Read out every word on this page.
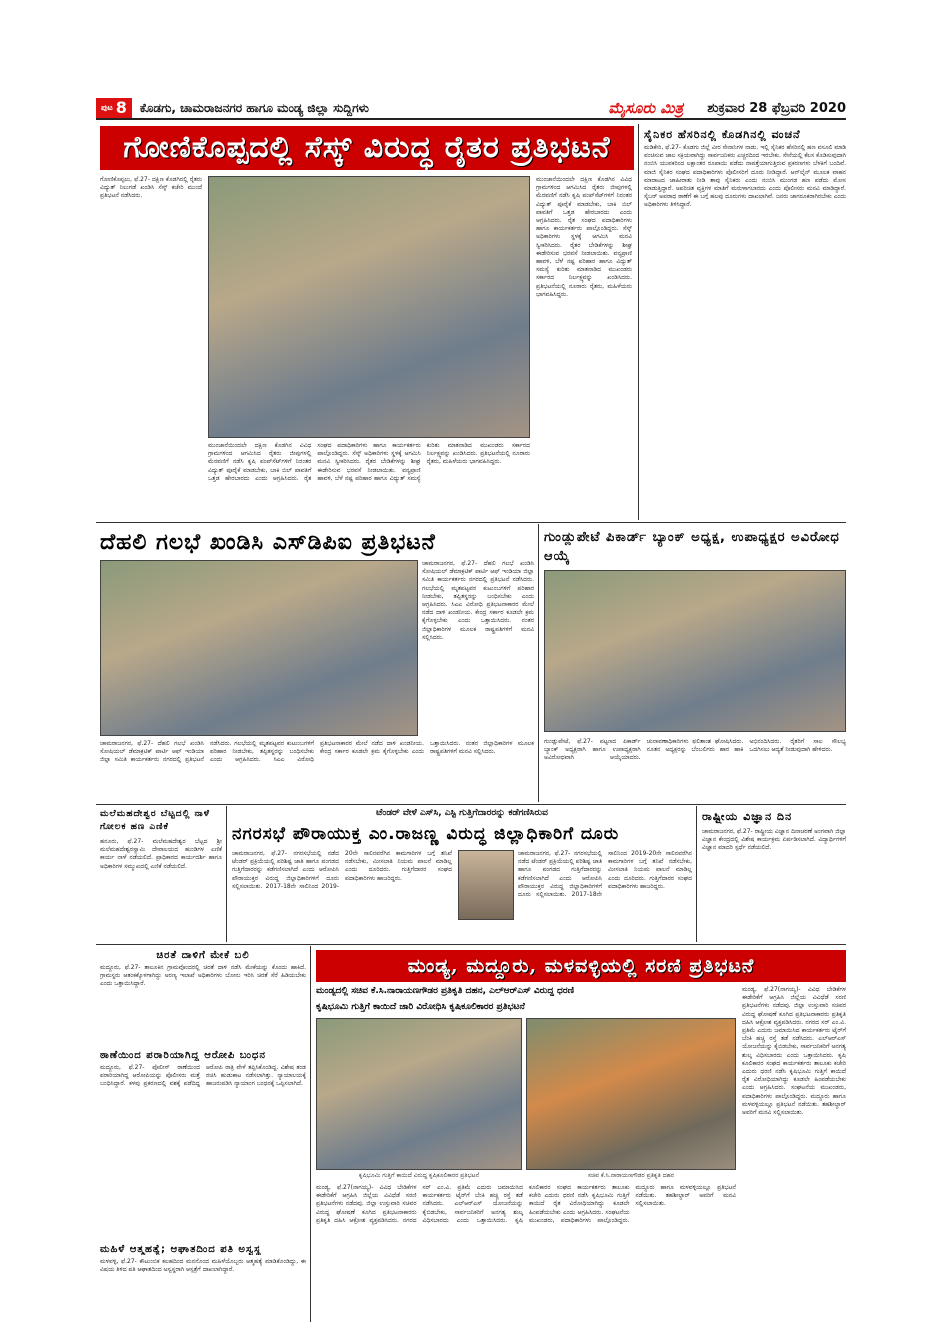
ಪುಟ 8 ಕೊಡಗು, ಚಾಮರಾಜನಗರ ಹಾಗೂ ಮಂಡ್ಯ ಜಿಲ್ಲಾ ಸುದ್ದಿಗಳು	ಮೈಸೂರು ಮಿತ್ರ ಶುಕ್ರವಾರ 28 ಫೆಬ್ರವರಿ 2020
ಗೋಣಿಕೊಪ್ಪದಲ್ಲಿ ಸೆಸ್ಕ್ ವಿರುದ್ಧ ರೈತರ ಪ್ರತಿಭಟನೆ
ಗೋಣಿಕೊಪ್ಪಲು, ಫೆ.27- ದಕ್ಷಿಣ ಕೊಡಗಿನಲ್ಲಿ ರೈತರು ವಿದ್ಯುತ್ ನಿಲುಗಡೆ ಖಂಡಿಸಿ ಸೆಸ್ಕ್ ಕಚೇರಿ ಮುಂದೆ ಪ್ರತಿಭಟನೆ ನಡೆಸಿದರು.
ಮುಂಜಾನೆಯಿಂದಲೇ ದಕ್ಷಿಣ ಕೊಡಗಿನ ವಿವಿಧ ಗ್ರಾಮಗಳಿಂದ ಆಗಮಿಸಿದ ರೈತರು ಜೀಪುಗಳಲ್ಲಿ ಮೆರವಣಿಗೆ ನಡೆಸಿ ಕೃಷಿ ಪಂಪ್‌ಸೆಟ್‌ಗಳಿಗೆ ನಿರಂತರ ವಿದ್ಯುತ್ ಪೂರೈಕೆ ಮಾಡಬೇಕು, ಬಾಕಿ ಬಿಲ್ ಪಾವತಿಗೆ ಒತ್ತಡ ಹೇರಬಾರದು ಎಂದು ಆಗ್ರಹಿಸಿದರು. ರೈತ ಸಂಘದ ಪದಾಧಿಕಾರಿಗಳು ಹಾಗೂ ಕಾರ್ಯಕರ್ತರು ಪಾಲ್ಗೊಂಡಿದ್ದರು. ಸೆಸ್ಕ್ ಅಧಿಕಾರಿಗಳು ಸ್ಥಳಕ್ಕೆ ಆಗಮಿಸಿ ಮನವಿ ಸ್ವೀಕರಿಸಿದರು. ರೈತರ ಬೇಡಿಕೆಗಳನ್ನು ಶೀಘ್ರ ಈಡೇರಿಸುವ ಭರವಸೆ ನೀಡಲಾಯಿತು. ವನ್ಯಪ್ರಾಣಿ ಹಾವಳಿ, ಬೆಳೆ ನಷ್ಟ ಪರಿಹಾರ ಹಾಗೂ ವಿದ್ಯುತ್ ಸಮಸ್ಯೆ ಕುರಿತು ಮಾತನಾಡಿದ ಮುಖಂಡರು ಸರ್ಕಾರದ ನಿರ್ಲಕ್ಷ್ಯವನ್ನು ಖಂಡಿಸಿದರು. ಪ್ರತಿಭಟನೆಯಲ್ಲಿ ನೂರಾರು ರೈತರು, ಮಹಿಳೆಯರು ಭಾಗವಹಿಸಿದ್ದರು.
ಮುಂಜಾನೆಯಿಂದಲೇ ದಕ್ಷಿಣ ಕೊಡಗಿನ ವಿವಿಧ ಗ್ರಾಮಗಳಿಂದ ಆಗಮಿಸಿದ ರೈತರು ಜೀಪುಗಳಲ್ಲಿ ಮೆರವಣಿಗೆ ನಡೆಸಿ ಕೃಷಿ ಪಂಪ್‌ಸೆಟ್‌ಗಳಿಗೆ ನಿರಂತರ ವಿದ್ಯುತ್ ಪೂರೈಕೆ ಮಾಡಬೇಕು, ಬಾಕಿ ಬಿಲ್ ಪಾವತಿಗೆ ಒತ್ತಡ ಹೇರಬಾರದು ಎಂದು ಆಗ್ರಹಿಸಿದರು. ರೈತ ಸಂಘದ ಪದಾಧಿಕಾರಿಗಳು ಹಾಗೂ ಕಾರ್ಯಕರ್ತರು ಪಾಲ್ಗೊಂಡಿದ್ದರು. ಸೆಸ್ಕ್ ಅಧಿಕಾರಿಗಳು ಸ್ಥಳಕ್ಕೆ ಆಗಮಿಸಿ ಮನವಿ ಸ್ವೀಕರಿಸಿದರು. ರೈತರ ಬೇಡಿಕೆಗಳನ್ನು ಶೀಘ್ರ ಈಡೇರಿಸುವ ಭರವಸೆ ನೀಡಲಾಯಿತು. ವನ್ಯಪ್ರಾಣಿ ಹಾವಳಿ, ಬೆಳೆ ನಷ್ಟ ಪರಿಹಾರ ಹಾಗೂ ವಿದ್ಯುತ್ ಸಮಸ್ಯೆ ಕುರಿತು ಮಾತನಾಡಿದ ಮುಖಂಡರು ಸರ್ಕಾರದ ನಿರ್ಲಕ್ಷ್ಯವನ್ನು ಖಂಡಿಸಿದರು. ಪ್ರತಿಭಟನೆಯಲ್ಲಿ ನೂರಾರು ರೈತರು, ಮಹಿಳೆಯರು ಭಾಗವಹಿಸಿದ್ದರು.
ಸೈನಿಕರ ಹೆಸರಿನಲ್ಲಿ ಕೊಡಗಿನಲ್ಲಿ ವಂಚನೆ
ಮಡಿಕೇರಿ, ಫೆ.27- ಕೊಡಗು ಜಿಲ್ಲೆ ವೀರ ಸೇನಾನಿಗಳ ನಾಡು. ಇಲ್ಲಿ ಸೈನಿಕರ ಹೆಸರಿನಲ್ಲಿ ಹಣ ವಸೂಲಿ ಮಾಡಿ ವಂಚಿಸುವ ಜಾಲ ಸಕ್ರಿಯವಾಗಿದ್ದು ಸಾರ್ವಜನಿಕರು ಎಚ್ಚರದಿಂದ ಇರಬೇಕು. ಸೇನೆಯಲ್ಲಿ ಕೆಲಸ ಕೊಡಿಸುವುದಾಗಿ ನಂಬಿಸಿ ಯುವಕರಿಂದ ಲಕ್ಷಾಂತರ ರೂಪಾಯಿ ಪಡೆದು ನಾಪತ್ತೆಯಾಗುತ್ತಿರುವ ಪ್ರಕರಣಗಳು ಬೆಳಕಿಗೆ ಬಂದಿವೆ. ಮಾಜಿ ಸೈನಿಕರ ಸಂಘದ ಪದಾಧಿಕಾರಿಗಳು ಪೊಲೀಸರಿಗೆ ದೂರು ನೀಡಿದ್ದಾರೆ. ಆನ್‌ಲೈನ್ ಮೂಲಕ ವಾಹನ ಮಾರಾಟದ ಜಾಹೀರಾತು ನೀಡಿ ತಾವು ಸೈನಿಕರು ಎಂದು ನಂಬಿಸಿ ಮುಂಗಡ ಹಣ ಪಡೆದು ಮೋಸ ಮಾಡುತ್ತಿದ್ದಾರೆ. ಅಪರಿಚಿತ ವ್ಯಕ್ತಿಗಳ ಮಾತಿಗೆ ಮರುಳಾಗಬಾರದು ಎಂದು ಪೊಲೀಸರು ಮನವಿ ಮಾಡಿದ್ದಾರೆ. ಸೈಬರ್ ಅಪರಾಧ ಠಾಣೆಗೆ ಈ ಬಗ್ಗೆ ಹಲವು ದೂರುಗಳು ದಾಖಲಾಗಿವೆ. ಜನರು ಜಾಗರೂಕರಾಗಿರಬೇಕು ಎಂದು ಅಧಿಕಾರಿಗಳು ತಿಳಿಸಿದ್ದಾರೆ.
ದೆಹಲಿ ಗಲಭೆ ಖಂಡಿಸಿ ಎಸ್‌ಡಿಪಿಐ ಪ್ರತಿಭಟನೆ
ಚಾಮರಾಜನಗರ, ಫೆ.27- ದೆಹಲಿ ಗಲಭೆ ಖಂಡಿಸಿ ಸೋಷಿಯಲ್ ಡೆಮಾಕ್ರಟಿಕ್ ಪಾರ್ಟಿ ಆಫ್ ಇಂಡಿಯಾ ಜಿಲ್ಲಾ ಸಮಿತಿ ಕಾರ್ಯಕರ್ತರು ನಗರದಲ್ಲಿ ಪ್ರತಿಭಟನೆ ನಡೆಸಿದರು. ಗಲಭೆಯಲ್ಲಿ ಮೃತಪಟ್ಟವರ ಕುಟುಂಬಗಳಿಗೆ ಪರಿಹಾರ ನೀಡಬೇಕು, ತಪ್ಪಿತಸ್ಥರನ್ನು ಬಂಧಿಸಬೇಕು ಎಂದು ಆಗ್ರಹಿಸಿದರು. ಸಿಎಎ ವಿರೋಧಿ ಪ್ರತಿಭಟನಾಕಾರರ ಮೇಲೆ ನಡೆದ ದಾಳಿ ಖಂಡನೀಯ. ಕೇಂದ್ರ ಸರ್ಕಾರ ಕೂಡಲೇ ಕ್ರಮ ಕೈಗೊಳ್ಳಬೇಕು ಎಂದು ಒತ್ತಾಯಿಸಿದರು. ನಂತರ ಜಿಲ್ಲಾಧಿಕಾರಿಗಳ ಮೂಲಕ ರಾಷ್ಟ್ರಪತಿಗಳಿಗೆ ಮನವಿ ಸಲ್ಲಿಸಿದರು.
ಚಾಮರಾಜನಗರ, ಫೆ.27- ದೆಹಲಿ ಗಲಭೆ ಖಂಡಿಸಿ ಸೋಷಿಯಲ್ ಡೆಮಾಕ್ರಟಿಕ್ ಪಾರ್ಟಿ ಆಫ್ ಇಂಡಿಯಾ ಜಿಲ್ಲಾ ಸಮಿತಿ ಕಾರ್ಯಕರ್ತರು ನಗರದಲ್ಲಿ ಪ್ರತಿಭಟನೆ ನಡೆಸಿದರು. ಗಲಭೆಯಲ್ಲಿ ಮೃತಪಟ್ಟವರ ಕುಟುಂಬಗಳಿಗೆ ಪರಿಹಾರ ನೀಡಬೇಕು, ತಪ್ಪಿತಸ್ಥರನ್ನು ಬಂಧಿಸಬೇಕು ಎಂದು ಆಗ್ರಹಿಸಿದರು. ಸಿಎಎ ವಿರೋಧಿ ಪ್ರತಿಭಟನಾಕಾರರ ಮೇಲೆ ನಡೆದ ದಾಳಿ ಖಂಡನೀಯ. ಕೇಂದ್ರ ಸರ್ಕಾರ ಕೂಡಲೇ ಕ್ರಮ ಕೈಗೊಳ್ಳಬೇಕು ಎಂದು ಒತ್ತಾಯಿಸಿದರು. ನಂತರ ಜಿಲ್ಲಾಧಿಕಾರಿಗಳ ಮೂಲಕ ರಾಷ್ಟ್ರಪತಿಗಳಿಗೆ ಮನವಿ ಸಲ್ಲಿಸಿದರು.
ಗುಂಡ್ಲುಪೇಟೆ ಪಿಕಾರ್ಡ್ ಬ್ಯಾಂಕ್ ಅಧ್ಯಕ್ಷ, ಉಪಾಧ್ಯಕ್ಷರ ಅವಿರೋಧ ಆಯ್ಕೆ
ಗುಂಡ್ಲುಪೇಟೆ, ಫೆ.27- ಪಟ್ಟಣದ ಪಿಕಾರ್ಡ್ ಬ್ಯಾಂಕ್ ಅಧ್ಯಕ್ಷರಾಗಿ ಹಾಗೂ ಉಪಾಧ್ಯಕ್ಷರಾಗಿ ಅವಿರೋಧವಾಗಿ ಆಯ್ಕೆಯಾದರು. ಚುನಾವಣಾಧಿಕಾರಿಗಳು ಫಲಿತಾಂಶ ಘೋಷಿಸಿದರು. ನೂತನ ಅಧ್ಯಕ್ಷರನ್ನು ಬೆಂಬಲಿಗರು ಹಾರ ಹಾಕಿ ಅಭಿನಂದಿಸಿದರು. ರೈತರಿಗೆ ಸಾಲ ಸೌಲಭ್ಯ ಒದಗಿಸಲು ಆದ್ಯತೆ ನೀಡುವುದಾಗಿ ಹೇಳಿದರು.
ಮಲೆಮಹದೇಶ್ವರ ಬೆಟ್ಟದಲ್ಲಿ ನಾಳೆ ಗೋಲಕ ಹಣ ಎಣಿಕೆ
ಹನೂರು, ಫೆ.27- ಮಲೆಮಹದೇಶ್ವರ ಬೆಟ್ಟದ ಶ್ರೀ ಮಲೆಮಹದೇಶ್ವರಸ್ವಾಮಿ ದೇವಾಲಯದ ಹುಂಡಿಗಳ ಎಣಿಕೆ ಕಾರ್ಯ ನಾಳೆ ನಡೆಯಲಿದೆ. ಪ್ರಾಧಿಕಾರದ ಕಾರ್ಯದರ್ಶಿ ಹಾಗೂ ಅಧಿಕಾರಿಗಳ ಸಮ್ಮುಖದಲ್ಲಿ ಎಣಿಕೆ ನಡೆಯಲಿದೆ.
ಟೆಂಡರ್ ವೇಳೆ ಎಸ್‌ಸಿ, ಎಸ್ಟಿ ಗುತ್ತಿಗೆದಾರರನ್ನು ಕಡೆಗಣಿಸಿರುವ
ನಗರಸಭೆ ಪೌರಾಯುಕ್ತ ಎಂ.ರಾಜಣ್ಣ ವಿರುದ್ಧ ಜಿಲ್ಲಾಧಿಕಾರಿಗೆ ದೂರು
ಚಾಮರಾಜನಗರ, ಫೆ.27- ನಗರಸಭೆಯಲ್ಲಿ ನಡೆದ ಟೆಂಡರ್ ಪ್ರಕ್ರಿಯೆಯಲ್ಲಿ ಪರಿಶಿಷ್ಟ ಜಾತಿ ಹಾಗೂ ಪಂಗಡದ ಗುತ್ತಿಗೆದಾರರನ್ನು ಕಡೆಗಣಿಸಲಾಗಿದೆ ಎಂದು ಆರೋಪಿಸಿ ಪೌರಾಯುಕ್ತರ ವಿರುದ್ಧ ಜಿಲ್ಲಾಧಿಕಾರಿಗಳಿಗೆ ದೂರು ಸಲ್ಲಿಸಲಾಯಿತು. 2017-18ನೇ ಸಾಲಿನಿಂದ 2019-20ನೇ ಸಾಲಿನವರೆಗಿನ ಕಾಮಗಾರಿಗಳ ಬಗ್ಗೆ ತನಿಖೆ ನಡೆಸಬೇಕು, ಮೀಸಲಾತಿ ನಿಯಮ ಪಾಲನೆ ಮಾಡಿಲ್ಲ ಎಂದು ದೂರಿದರು. ಗುತ್ತಿಗೆದಾರರ ಸಂಘದ ಪದಾಧಿಕಾರಿಗಳು ಹಾಜರಿದ್ದರು.
ಚಾಮರಾಜನಗರ, ಫೆ.27- ನಗರಸಭೆಯಲ್ಲಿ ನಡೆದ ಟೆಂಡರ್ ಪ್ರಕ್ರಿಯೆಯಲ್ಲಿ ಪರಿಶಿಷ್ಟ ಜಾತಿ ಹಾಗೂ ಪಂಗಡದ ಗುತ್ತಿಗೆದಾರರನ್ನು ಕಡೆಗಣಿಸಲಾಗಿದೆ ಎಂದು ಆರೋಪಿಸಿ ಪೌರಾಯುಕ್ತರ ವಿರುದ್ಧ ಜಿಲ್ಲಾಧಿಕಾರಿಗಳಿಗೆ ದೂರು ಸಲ್ಲಿಸಲಾಯಿತು. 2017-18ನೇ ಸಾಲಿನಿಂದ 2019-20ನೇ ಸಾಲಿನವರೆಗಿನ ಕಾಮಗಾರಿಗಳ ಬಗ್ಗೆ ತನಿಖೆ ನಡೆಸಬೇಕು, ಮೀಸಲಾತಿ ನಿಯಮ ಪಾಲನೆ ಮಾಡಿಲ್ಲ ಎಂದು ದೂರಿದರು. ಗುತ್ತಿಗೆದಾರರ ಸಂಘದ ಪದಾಧಿಕಾರಿಗಳು ಹಾಜರಿದ್ದರು.
ರಾಷ್ಟ್ರೀಯ ವಿಜ್ಞಾನ ದಿನ
ಚಾಮರಾಜನಗರ, ಫೆ.27- ರಾಷ್ಟ್ರೀಯ ವಿಜ್ಞಾನ ದಿನಾಚರಣೆ ಅಂಗವಾಗಿ ಜಿಲ್ಲಾ ವಿಜ್ಞಾನ ಕೇಂದ್ರದಲ್ಲಿ ವಿಶೇಷ ಕಾರ್ಯಕ್ರಮ ಏರ್ಪಡಿಸಲಾಗಿದೆ. ವಿದ್ಯಾರ್ಥಿಗಳಿಗೆ ವಿಜ್ಞಾನ ಮಾದರಿ ಸ್ಪರ್ಧೆ ನಡೆಯಲಿದೆ.
ಚಿರತೆ ದಾಳಿಗೆ ಮೇಕೆ ಬಲಿ
ಮದ್ದೂರು, ಫೆ.27- ತಾಲೂಕಿನ ಗ್ರಾಮವೊಂದರಲ್ಲಿ ಚಿರತೆ ದಾಳಿ ನಡೆಸಿ ಮೇಕೆಯನ್ನು ಕೊಂದು ಹಾಕಿದೆ. ಗ್ರಾಮಸ್ಥರು ಆತಂಕಕ್ಕೊಳಗಾಗಿದ್ದು ಅರಣ್ಯ ಇಲಾಖೆ ಅಧಿಕಾರಿಗಳು ಬೋನು ಇರಿಸಿ ಚಿರತೆ ಸೆರೆ ಹಿಡಿಯಬೇಕು ಎಂದು ಒತ್ತಾಯಿಸಿದ್ದಾರೆ.
ಠಾಣೆಯಿಂದ ಪರಾರಿಯಾಗಿದ್ದ ಆರೋಪಿ ಬಂಧನ
ಮದ್ದೂರು, ಫೆ.27- ಪೊಲೀಸ್ ಠಾಣೆಯಿಂದ ಪರಾರಿಯಾಗಿದ್ದ ಆರೋಪಿಯನ್ನು ಪೊಲೀಸರು ಮತ್ತೆ ಬಂಧಿಸಿದ್ದಾರೆ. ಕಳವು ಪ್ರಕರಣದಲ್ಲಿ ವಶಕ್ಕೆ ಪಡೆದಿದ್ದ ಆರೋಪಿ ರಾತ್ರಿ ವೇಳೆ ತಪ್ಪಿಸಿಕೊಂಡಿದ್ದ. ವಿಶೇಷ ತಂಡ ರಚಿಸಿ ಹುಡುಕಾಟ ನಡೆಸಲಾಗಿತ್ತು. ನ್ಯಾಯಾಲಯಕ್ಕೆ ಹಾಜರುಪಡಿಸಿ ನ್ಯಾಯಾಂಗ ಬಂಧನಕ್ಕೆ ಒಪ್ಪಿಸಲಾಗಿದೆ.
ಮಹಿಳೆ ಆತ್ಮಹತ್ಯೆ; ಆಘಾತದಿಂದ ಪತಿ ಅಸ್ವಸ್ಥ
ಮಳವಳ್ಳಿ, ಫೆ.27- ಕೌಟುಂಬಿಕ ಕಲಹದಿಂದ ಮನನೊಂದ ಮಹಿಳೆಯೊಬ್ಬರು ಆತ್ಮಹತ್ಯೆ ಮಾಡಿಕೊಂಡಿದ್ದು, ಈ ವಿಷಯ ತಿಳಿದ ಪತಿ ಆಘಾತದಿಂದ ಅಸ್ವಸ್ಥರಾಗಿ ಆಸ್ಪತ್ರೆಗೆ ದಾಖಲಾಗಿದ್ದಾರೆ.
ಮಂಡ್ಯ, ಮದ್ದೂರು, ಮಳವಳ್ಳಿಯಲ್ಲಿ ಸರಣಿ ಪ್ರತಿಭಟನೆ
ಮಂಡ್ಯದಲ್ಲಿ ಸಚಿವ ಕೆ.ಸಿ.ನಾರಾಯಣಗೌಡರ ಪ್ರತಿಕೃತಿ ದಹನ, ಎಲ್‌ಆರ್‌ಎಸ್ ವಿರುದ್ಧ ಧರಣಿ
ಕೃಷಿಭೂಮಿ ಗುತ್ತಿಗೆ ಕಾಯಿದೆ ಜಾರಿ ವಿರೋಧಿಸಿ ಕೃಷಿಕೂಲಿಕಾರರ ಪ್ರತಿಭಟನೆ
ಕೃಷಿಭೂಮಿ ಗುತ್ತಿಗೆ ಕಾಯಿದೆ ವಿರುದ್ಧ ಕೃಷಿಕೂಲಿಕಾರರ ಪ್ರತಿಭಟನೆ	ಸಚಿವ ಕೆ.ಸಿ.ನಾರಾಯಣಗೌಡರ ಪ್ರತಿಕೃತಿ ದಹನ
ಮಂಡ್ಯ, ಫೆ.27(ನಾಗಯ್ಯ)- ವಿವಿಧ ಬೇಡಿಕೆಗಳ ಈಡೇರಿಕೆಗೆ ಆಗ್ರಹಿಸಿ ಜಿಲ್ಲೆಯ ವಿವಿಧೆಡೆ ಸರಣಿ ಪ್ರತಿಭಟನೆಗಳು ನಡೆದವು. ಜಿಲ್ಲಾ ಉಸ್ತುವಾರಿ ಸಚಿವರ ವಿರುದ್ಧ ಘೋಷಣೆ ಕೂಗಿದ ಪ್ರತಿಭಟನಾಕಾರರು ಪ್ರತಿಕೃತಿ ದಹಿಸಿ ಆಕ್ರೋಶ ವ್ಯಕ್ತಪಡಿಸಿದರು. ನಗರದ ಸರ್ ಎಂ.ವಿ. ಪ್ರತಿಮೆ ಎದುರು ಜಮಾಯಿಸಿದ ಕಾರ್ಯಕರ್ತರು ಟೈರ್‌ಗೆ ಬೆಂಕಿ ಹಚ್ಚಿ ರಸ್ತೆ ತಡೆ ನಡೆಸಿದರು. ಎಲ್‌ಆರ್‌ಎಸ್ ಯೋಜನೆಯನ್ನು ಕೈಬಿಡಬೇಕು, ಸಾರ್ವಜನಿಕರಿಗೆ ಅನಗತ್ಯ ಶುಲ್ಕ ವಿಧಿಸಬಾರದು ಎಂದು ಒತ್ತಾಯಿಸಿದರು. ಕೃಷಿ ಕೂಲಿಕಾರರ ಸಂಘದ ಕಾರ್ಯಕರ್ತರು ತಾಲೂಕು ಕಚೇರಿ ಎದುರು ಧರಣಿ ನಡೆಸಿ ಕೃಷಿಭೂಮಿ ಗುತ್ತಿಗೆ ಕಾಯಿದೆ ರೈತ ವಿರೋಧಿಯಾಗಿದ್ದು ಕೂಡಲೇ ಹಿಂಪಡೆಯಬೇಕು ಎಂದು ಆಗ್ರಹಿಸಿದರು. ಸಂಘಟನೆಯ ಮುಖಂಡರು, ಪದಾಧಿಕಾರಿಗಳು ಪಾಲ್ಗೊಂಡಿದ್ದರು. ಮದ್ದೂರು ಹಾಗೂ ಮಳವಳ್ಳಿಯಲ್ಲೂ ಪ್ರತಿಭಟನೆ ನಡೆಯಿತು. ತಹಶೀಲ್ದಾರ್ ಅವರಿಗೆ ಮನವಿ ಸಲ್ಲಿಸಲಾಯಿತು.
ಮಂಡ್ಯ, ಫೆ.27(ನಾಗಯ್ಯ)- ವಿವಿಧ ಬೇಡಿಕೆಗಳ ಈಡೇರಿಕೆಗೆ ಆಗ್ರಹಿಸಿ ಜಿಲ್ಲೆಯ ವಿವಿಧೆಡೆ ಸರಣಿ ಪ್ರತಿಭಟನೆಗಳು ನಡೆದವು. ಜಿಲ್ಲಾ ಉಸ್ತುವಾರಿ ಸಚಿವರ ವಿರುದ್ಧ ಘೋಷಣೆ ಕೂಗಿದ ಪ್ರತಿಭಟನಾಕಾರರು ಪ್ರತಿಕೃತಿ ದಹಿಸಿ ಆಕ್ರೋಶ ವ್ಯಕ್ತಪಡಿಸಿದರು. ನಗರದ ಸರ್ ಎಂ.ವಿ. ಪ್ರತಿಮೆ ಎದುರು ಜಮಾಯಿಸಿದ ಕಾರ್ಯಕರ್ತರು ಟೈರ್‌ಗೆ ಬೆಂಕಿ ಹಚ್ಚಿ ರಸ್ತೆ ತಡೆ ನಡೆಸಿದರು. ಎಲ್‌ಆರ್‌ಎಸ್ ಯೋಜನೆಯನ್ನು ಕೈಬಿಡಬೇಕು, ಸಾರ್ವಜನಿಕರಿಗೆ ಅನಗತ್ಯ ಶುಲ್ಕ ವಿಧಿಸಬಾರದು ಎಂದು ಒತ್ತಾಯಿಸಿದರು. ಕೃಷಿ ಕೂಲಿಕಾರರ ಸಂಘದ ಕಾರ್ಯಕರ್ತರು ತಾಲೂಕು ಕಚೇರಿ ಎದುರು ಧರಣಿ ನಡೆಸಿ ಕೃಷಿಭೂಮಿ ಗುತ್ತಿಗೆ ಕಾಯಿದೆ ರೈತ ವಿರೋಧಿಯಾಗಿದ್ದು ಕೂಡಲೇ ಹಿಂಪಡೆಯಬೇಕು ಎಂದು ಆಗ್ರಹಿಸಿದರು. ಸಂಘಟನೆಯ ಮುಖಂಡರು, ಪದಾಧಿಕಾರಿಗಳು ಪಾಲ್ಗೊಂಡಿದ್ದರು. ಮದ್ದೂರು ಹಾಗೂ ಮಳವಳ್ಳಿಯಲ್ಲೂ ಪ್ರತಿಭಟನೆ ನಡೆಯಿತು. ತಹಶೀಲ್ದಾರ್ ಅವರಿಗೆ ಮನವಿ ಸಲ್ಲಿಸಲಾಯಿತು.
